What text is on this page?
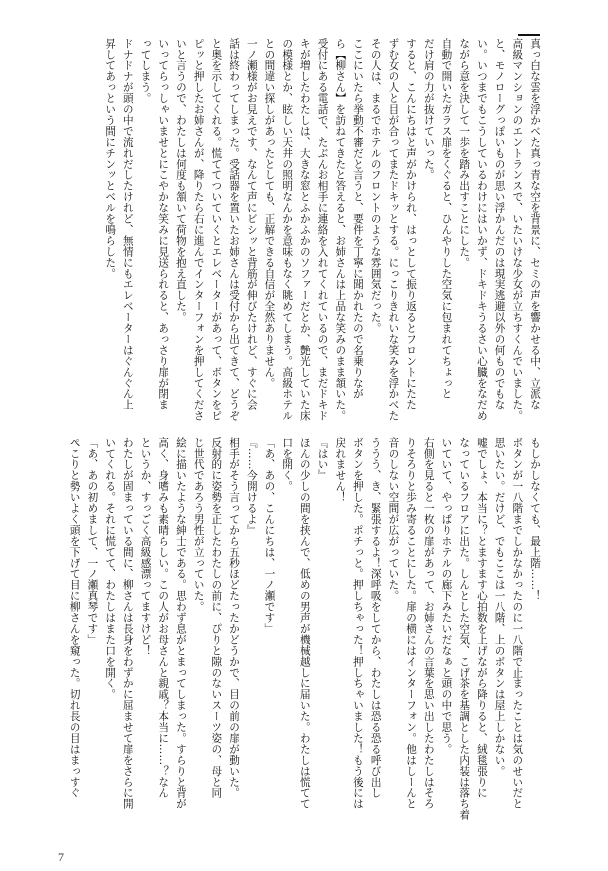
真っ白な雲を浮かべた真っ青な空を背景に、セミの声を響かせる中、立派な
高級マンションのエントランスで、いたいけな少女が立ちすくんでいました。
と、モノローグっぽいものが思い浮かんだのは現実逃避以外の何ものでもな
い。いつまでもこうしているわけにはいかず、ドキドキうるさい心臓をなだめ
ながら意を決して一歩を踏み出すことにした。
自動で開いたガラス扉をくぐると、ひんやりした空気に包まれてちょっと
だけ肩の力が抜けていった。
すると、こんにちはと声がかけられ、はっとして振り返るとフロントにたた
ずむ女の人と目が合ってまたドキッとする。にっこりきれいな笑みを浮かべた
その人は、まるでホテルのフロントのような雰囲気だった。
ここにいたら挙動不審だと言うと、要件を丁寧に聞かれたので名乗りなが
ら【柳さん】を訪ねてきたと答えると、お姉さんは上品な笑みのまま頷いた。
受付にある電話で、たぶんお相手に連絡を入れてくれているので、まだドキド
キが増したわたしは、大きな窓とふかふかのソファーだとか、艶光していた床
の模様とか、眩しい天井の照明なんかを意味もなく眺めてしまう。高級ホテル
との間違い探しがあったとしても、正解できる自信が全然ありません。
一ノ瀬様がお見えです、なんて声にビシッと背筋が伸びたけれど、すぐに会
話は終わってしまった。受話器を置いたお姉さんは受付から出てきて、どうぞ
と奥を示してくれる。慌ててついていくとエレベーターがあって、ボタンをピ
ピッと押したお姉さんが、降りたら右に進んでインターフォンを押してくださ
いと言うので、わたしは何度も頷いて荷物を抱え直した。
いってらっしゃいませとにこやかな笑みに見送られると、あっさり扉が閉ま
ってしまう。
ドナドナが頭の中で流れだしたけれど、無情にもエレベーターはぐんぐん上
昇してあっという間にチンッとベルを鳴らした。
もしかしなくても、最上階……！
ボタンが一八階までしかなかったのに一八階で止まったことは気のせいだと
思いたい。だけど、でもここは一八階、上のボタンは屋上しかない。
嘘でしょ、本当に？とますます心拍数を上げながら降りると、絨毯張りに
なっているフロアに出た。しんとした空気、こげ茶を基調とした内装は落ち着
いていて、やっぱりホテルの廊下みたいだなぁと頭の中で思う。
右側を見ると一枚の扉があって、お姉さんの言葉を思い出したわたしはそろ
りそろりと歩み寄ることにした。扉の横にはインターフォン。他はしーんと
音のしない空間が広がっていた。
ううう、き、緊張するよ！深呼吸をしてから、わたしは恐る恐る呼び出し
ボタンを押した。ポチっと。押しちゃった！押しちゃいました！もう後には
戻れません！
『はい』
ほんの少しの間を挟んで、低めの男声が機械越しに届いた。わたしは慌てて
口を開く。
「あ、あの、こんにちは、一ノ瀬です」
『……今開けるよ』
相手がそう言ってから五秒ほどたったかどうかで、目の前の扉が動いた。
反射的に姿勢を正したわたしの前に、ぴりと隙のないスーツ姿の、母と同
じ世代であろう男性が立っていた。
絵に描いたような紳士である。思わず息がとまってしまった。すらりと背が
高く、身嗜みも素晴らしい。この人がお母さんと親戚？本当に……？なん
というか、すっごく高級感漂ってますけど！
わたしが固まっている間に、柳さんは長身をわずかに屈ませて扉をさらに開
いてくれる。それに慌てて、わたしはまた口を開く。
「あ、あの初めまして、一ノ瀬真琴です」
ぺこりと勢いよく頭を下げて目に柳さんを窺った。切れ長の目はまっすぐ
7
